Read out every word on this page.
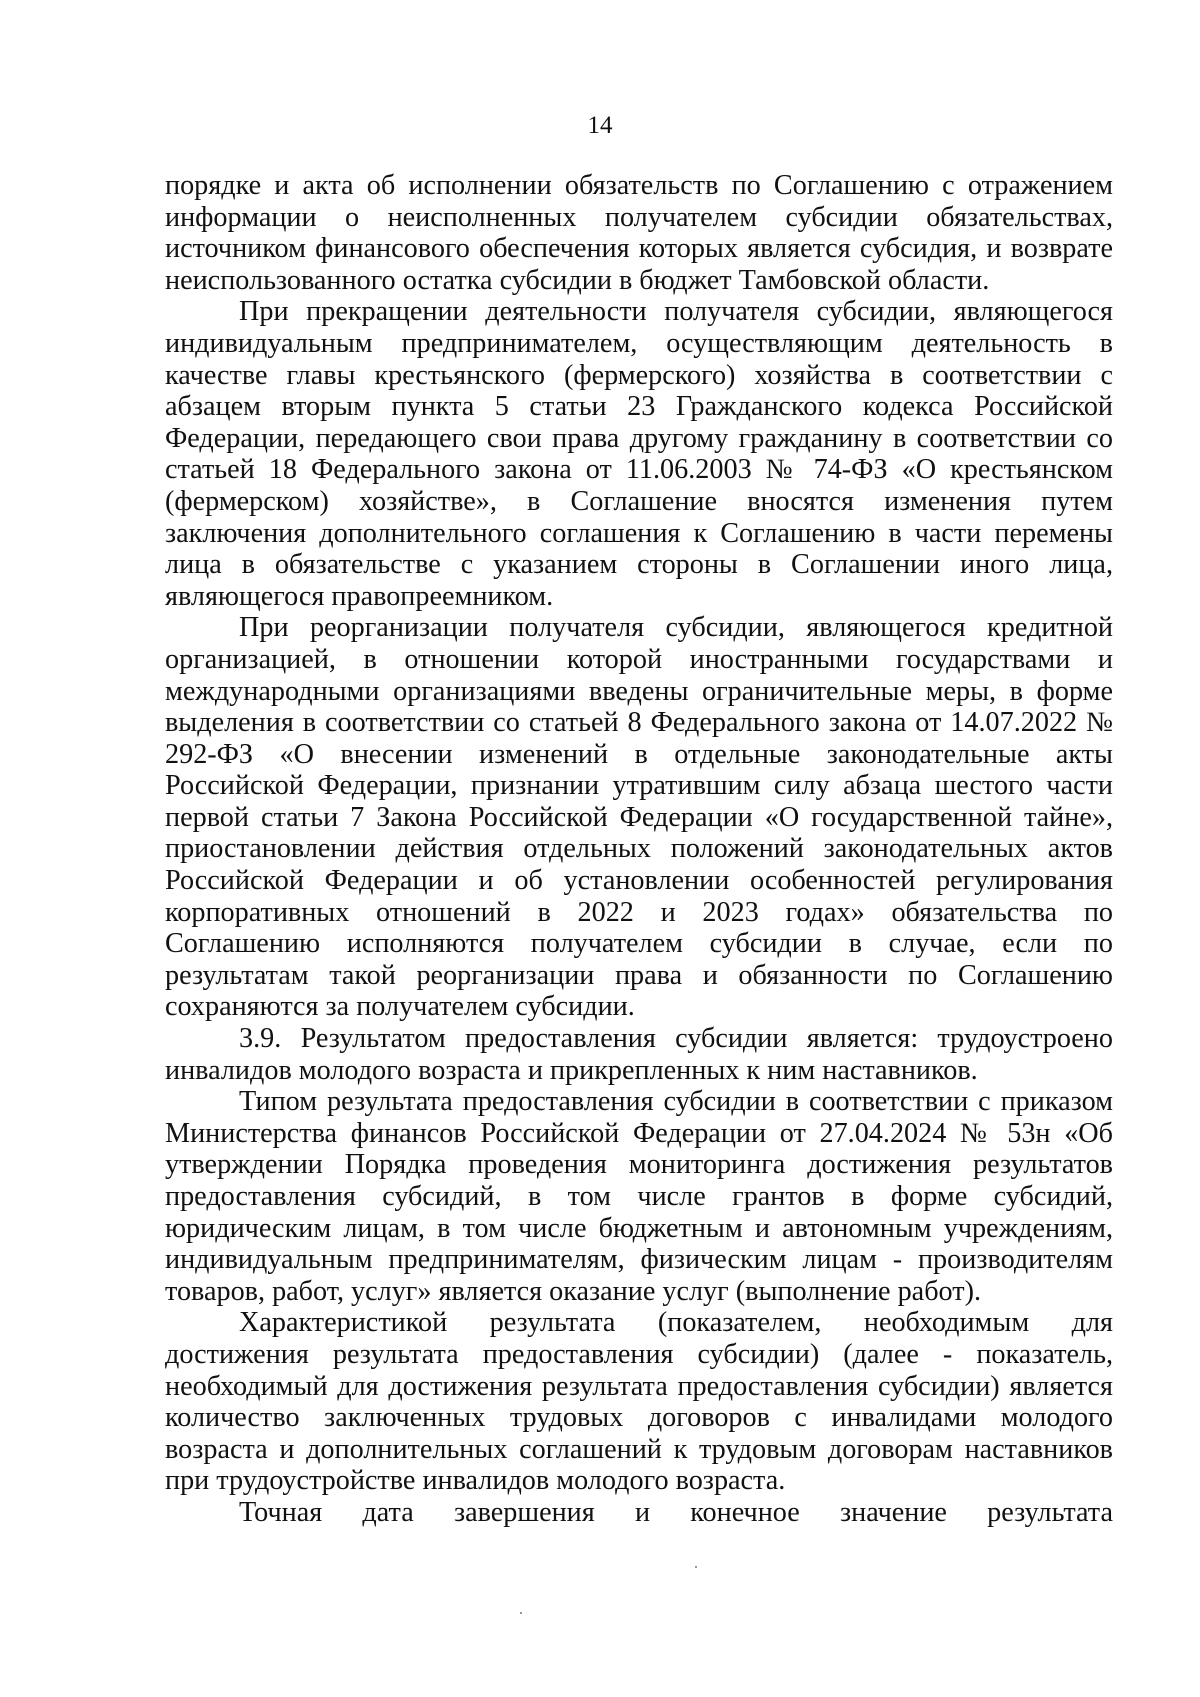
14

порядке и акта об исполнении обязательств по Соглашению с отражением информации о неисполненных получателем субсидии обязательствах, источником финансового обеспечения которых является субсидия, и возврате неиспользованного остатка субсидии в бюджет Тамбовской области.

При прекращении деятельности получателя субсидии, являющегося индивидуальным предпринимателем, осуществляющим деятельность в качестве главы крестьянского (фермерского) хозяйства в соответствии с абзацем вторым пункта 5 статьи 23 Гражданского кодекса Российской Федерации, передающего свои права другому гражданину в соответствии со статьей 18 Федерального закона от 11.06.2003 № 74-ФЗ «О крестьянском (фермерском) хозяйстве», в Соглашение вносятся изменения путем заключения дополнительного соглашения к Соглашению в части перемены лица в обязательстве с указанием стороны в Соглашении иного лица, являющегося правопреемником.

При реорганизации получателя субсидии, являющегося кредитной организацией, в отношении которой иностранными государствами и международными организациями введены ограничительные меры, в форме выделения в соответствии со статьей 8 Федерального закона от 14.07.2022 № 292-ФЗ «О внесении изменений в отдельные законодательные акты Российской Федерации, признании утратившим силу абзаца шестого части первой статьи 7 Закона Российской Федерации «О государственной тайне», приостановлении действия отдельных положений законодательных актов Российской Федерации и об установлении особенностей регулирования корпоративных отношений в 2022 и 2023 годах» обязательства по Соглашению исполняются получателем субсидии в случае, если по результатам такой реорганизации права и обязанности по Соглашению сохраняются за получателем субсидии.

3.9. Результатом предоставления субсидии является: трудоустроено инвалидов молодого возраста и прикрепленных к ним наставников.

Типом результата предоставления субсидии в соответствии с приказом Министерства финансов Российской Федерации от 27.04.2024 № 53н «Об утверждении Порядка проведения мониторинга достижения результатов предоставления субсидий, в том числе грантов в форме субсидий, юридическим лицам, в том числе бюджетным и автономным учреждениям, индивидуальным предпринимателям, физическим лицам - производителям товаров, работ, услуг» является оказание услуг (выполнение работ).

Характеристикой результата (показателем, необходимым для достижения результата предоставления субсидии) (далее - показатель, необходимый для достижения результата предоставления субсидии) является количество заключенных трудовых договоров с инвалидами молодого возраста и дополнительных соглашений к трудовым договорам наставников при трудоустройстве инвалидов молодого возраста.

Точная дата завершения и конечное значение результата
